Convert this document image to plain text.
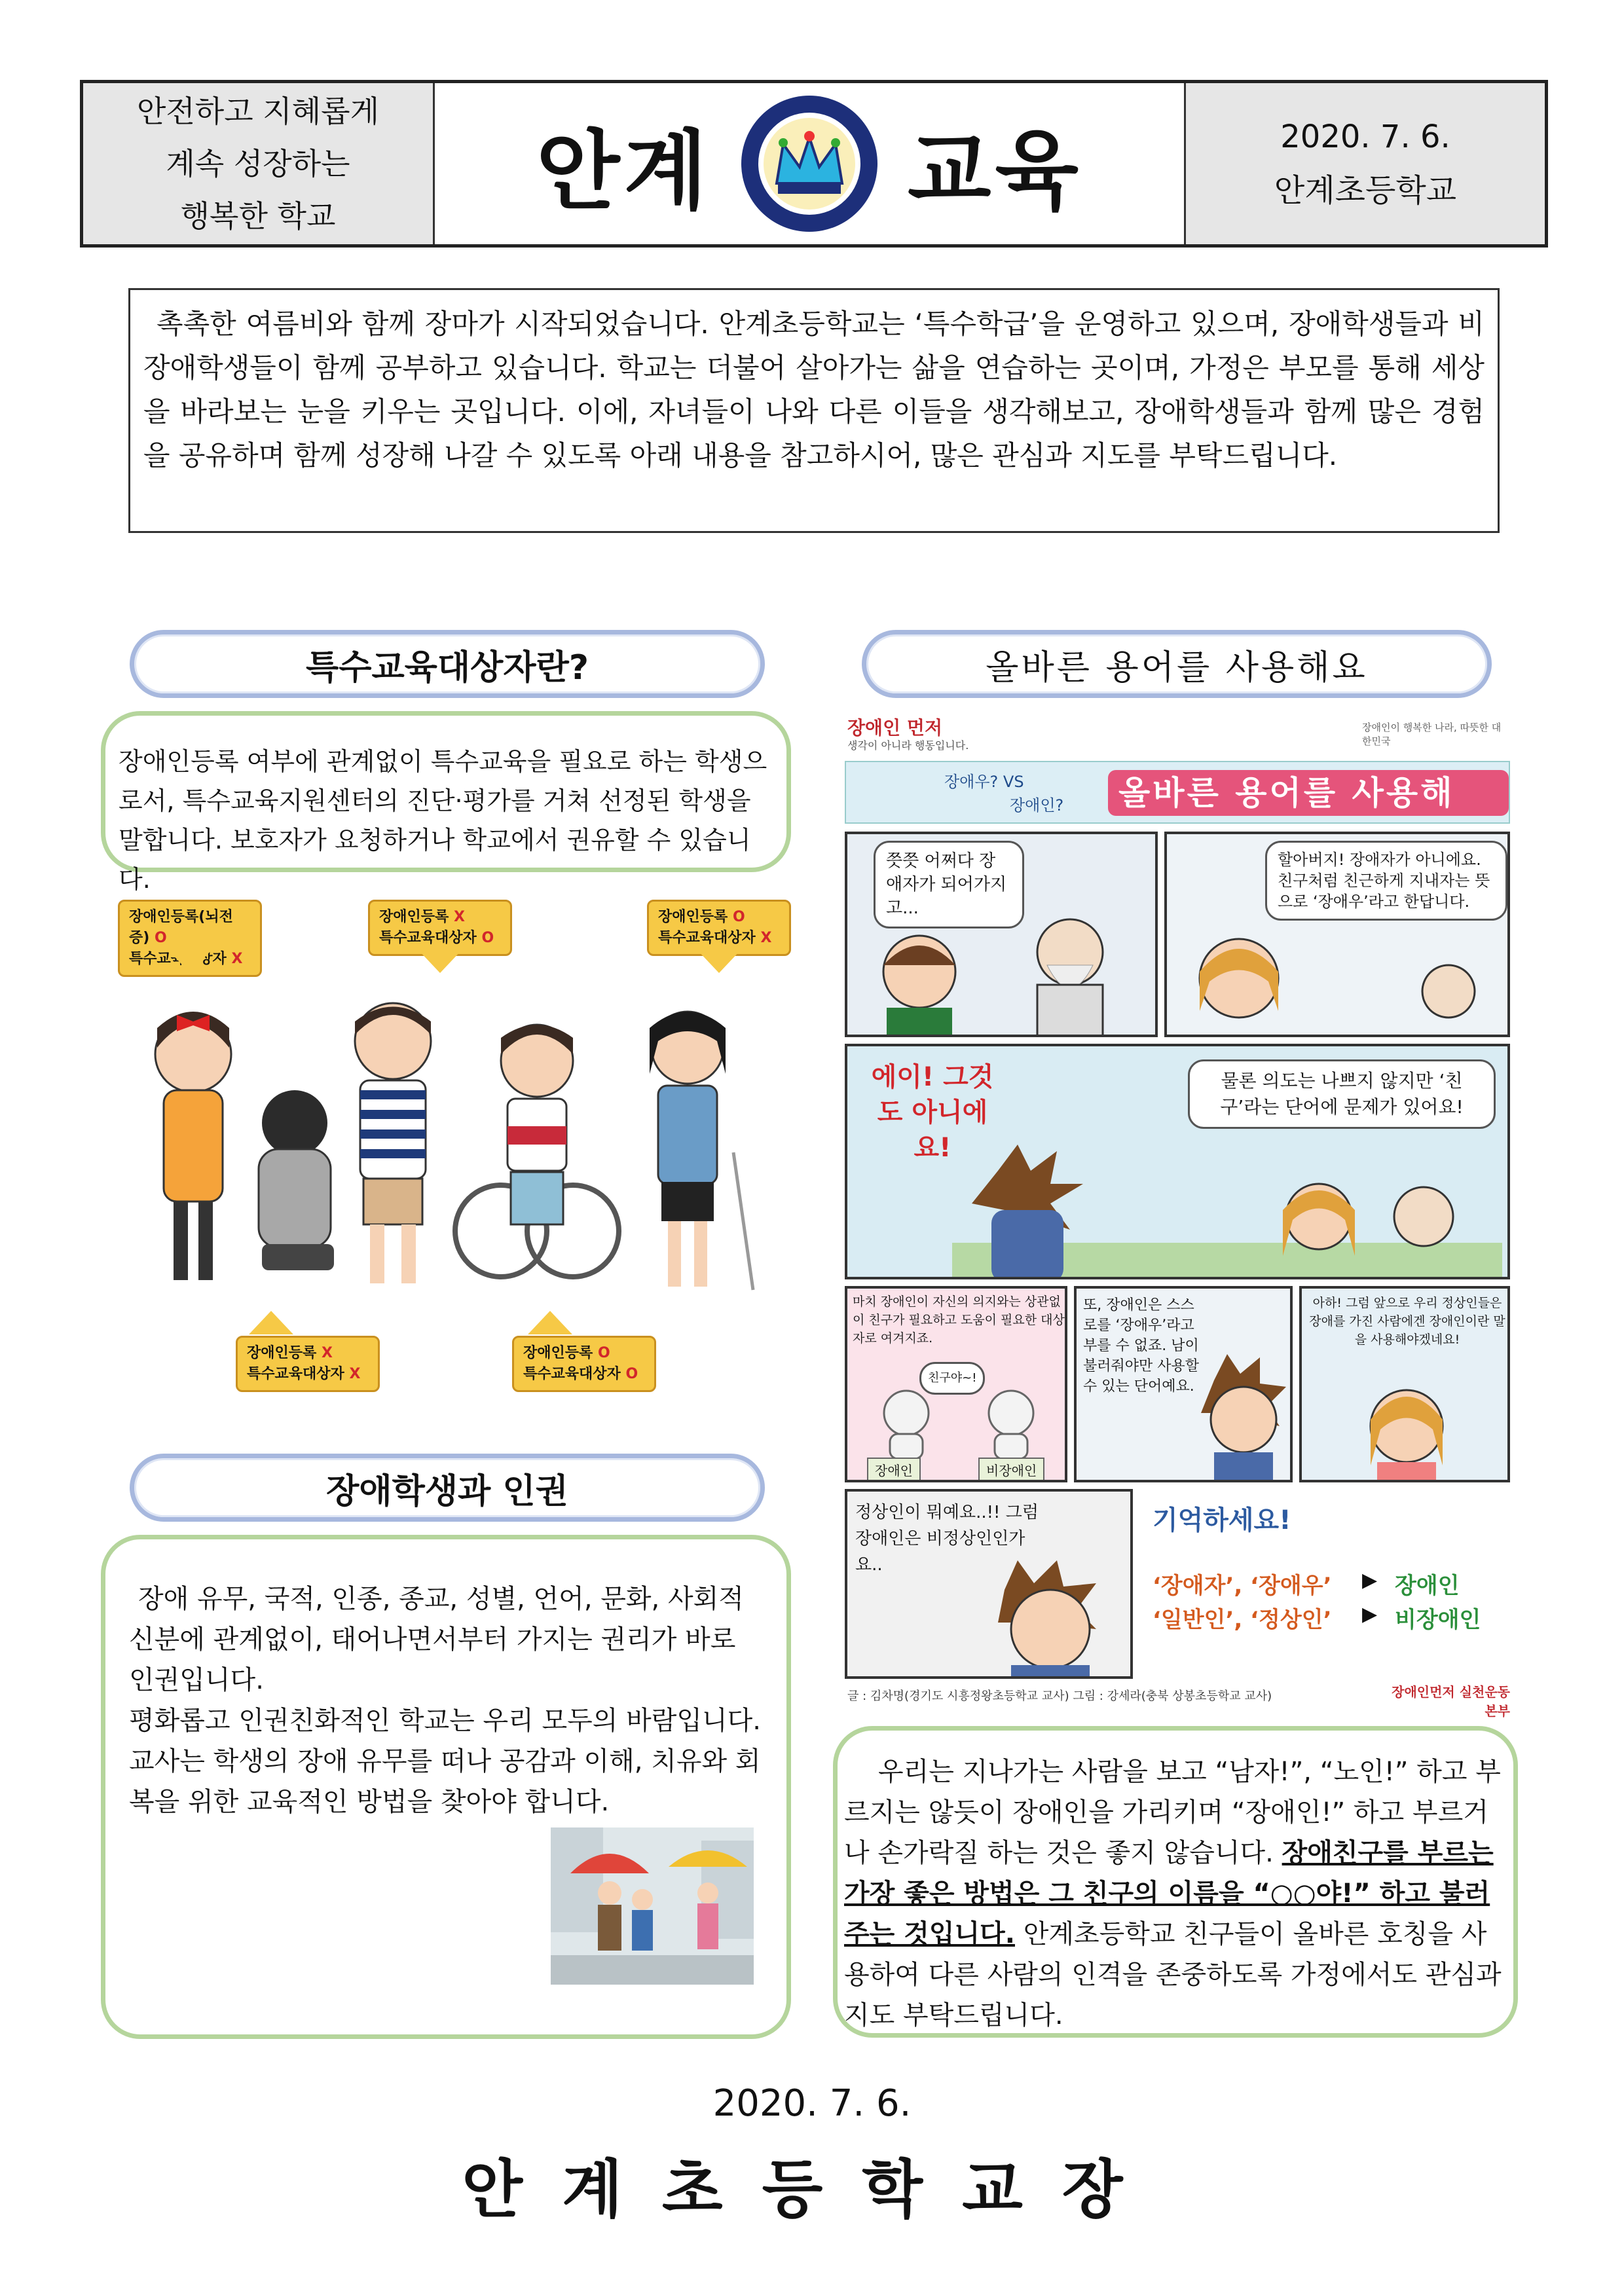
안전하고 지혜롭게
계속 성장하는
행복한 학교 안계 교육	2020. 7. 6.
안계초등학교

촉촉한 여름비와 함께 장마가 시작되었습니다. 안계초등학교는 ‘특수학급’을 운영하고 있으며, 장애학생들과 비장애학생들이 함께 공부하고 있습니다. 학교는 더불어 살아가는 삶을 연습하는 곳이며, 가정은 부모를 통해 세상을 바라보는 눈을 키우는 곳입니다. 이에, 자녀들이 나와 다른 이들을 생각해보고, 장애학생들과 함께 많은 경험을 공유하며 함께 성장해 나갈 수 있도록 아래 내용을 참고하시어, 많은 관심과 지도를 부탁드립니다.

특수교육대상자란?

장애인등록 여부에 관계없이 특수교육을 필요로 하는 학생으로서, 특수교육지원센터의 진단·평가를 거쳐 선정된 학생을 말합니다. 보호자가 요청하거나 학교에서 권유할 수 있습니다.

장애인등록(뇌전증) O
특수교육대상자 X
장애인등록 X
특수교육대상자 O
장애인등록 O
특수교육대상자 X
장애인등록 X
특수교육대상자 X
장애인등록 O
특수교육대상자 O
장애학생과 인권

장애 유무, 국적, 인종, 종교, 성별, 언어, 문화, 사회적 신분에 관계없이, 태어나면서부터 가지는 권리가 바로 인권입니다.

평화롭고 인권친화적인 학교는 우리 모두의 바람입니다. 교사는 학생의 장애 유무를 떠나 공감과 이해, 치유와 회복을 위한 교육적인 방법을 찾아야 합니다.

올바른 용어를 사용해요
장애인 먼저
생각이 아니라 행동입니다.
장애인이 행복한 나라, 따뜻한 대한민국
장애우? VS
장애인?	올바른 용어를 사용해 !
쯧쯧 어쩌다 장애자가 되어가지고...
할아버지! 장애자가 아니에요. 친구처럼 친근하게 지내자는 뜻으로 ‘장애우’라고 한답니다.
에이! 그것도 아니에요!
물론 의도는 나쁘지 않지만 ‘친구’라는 단어에 문제가 있어요!
마치 장애인이 자신의 의지와는 상관없이 친구가 필요하고 도움이 필요한 대상자로 여겨지죠.
친구야~!
장애인	비장애인
또, 장애인은 스스로를 ‘장애우’라고 부를 수 없죠. 남이 불러줘야만 사용할 수 있는 단어예요.
아하! 그럼 앞으로 우리 정상인들은 장애를 가진 사람에겐 장애인이란 말을 사용해야겠네요!
정상인이 뭐예요..!! 그럼 장애인은 비정상인인가요..
기억하세요!
‘장애자’, ‘장애우’ ▶ 장애인
‘일반인’, ‘정상인’ ▶ 비장애인
글 : 김차명(경기도 시흥정왕초등학교 교사) 그림 : 강세라(충북 상봉초등학교 교사)	장애인먼저 실천운동본부

우리는 지나가는 사람을 보고 “남자!”, “노인!” 하고 부르지는 않듯이 장애인을 가리키며 “장애인!” 하고 부르거나 손가락질 하는 것은 좋지 않습니다. 장애친구를 부르는 가장 좋은 방법은 그 친구의 이름을 “○○야!” 하고 불러주는 것입니다. 안계초등학교 친구들이 올바른 호칭을 사용하여 다른 사람의 인격을 존중하도록 가정에서도 관심과 지도 부탁드립니다.

2020. 7. 6.
안계초등학교장
